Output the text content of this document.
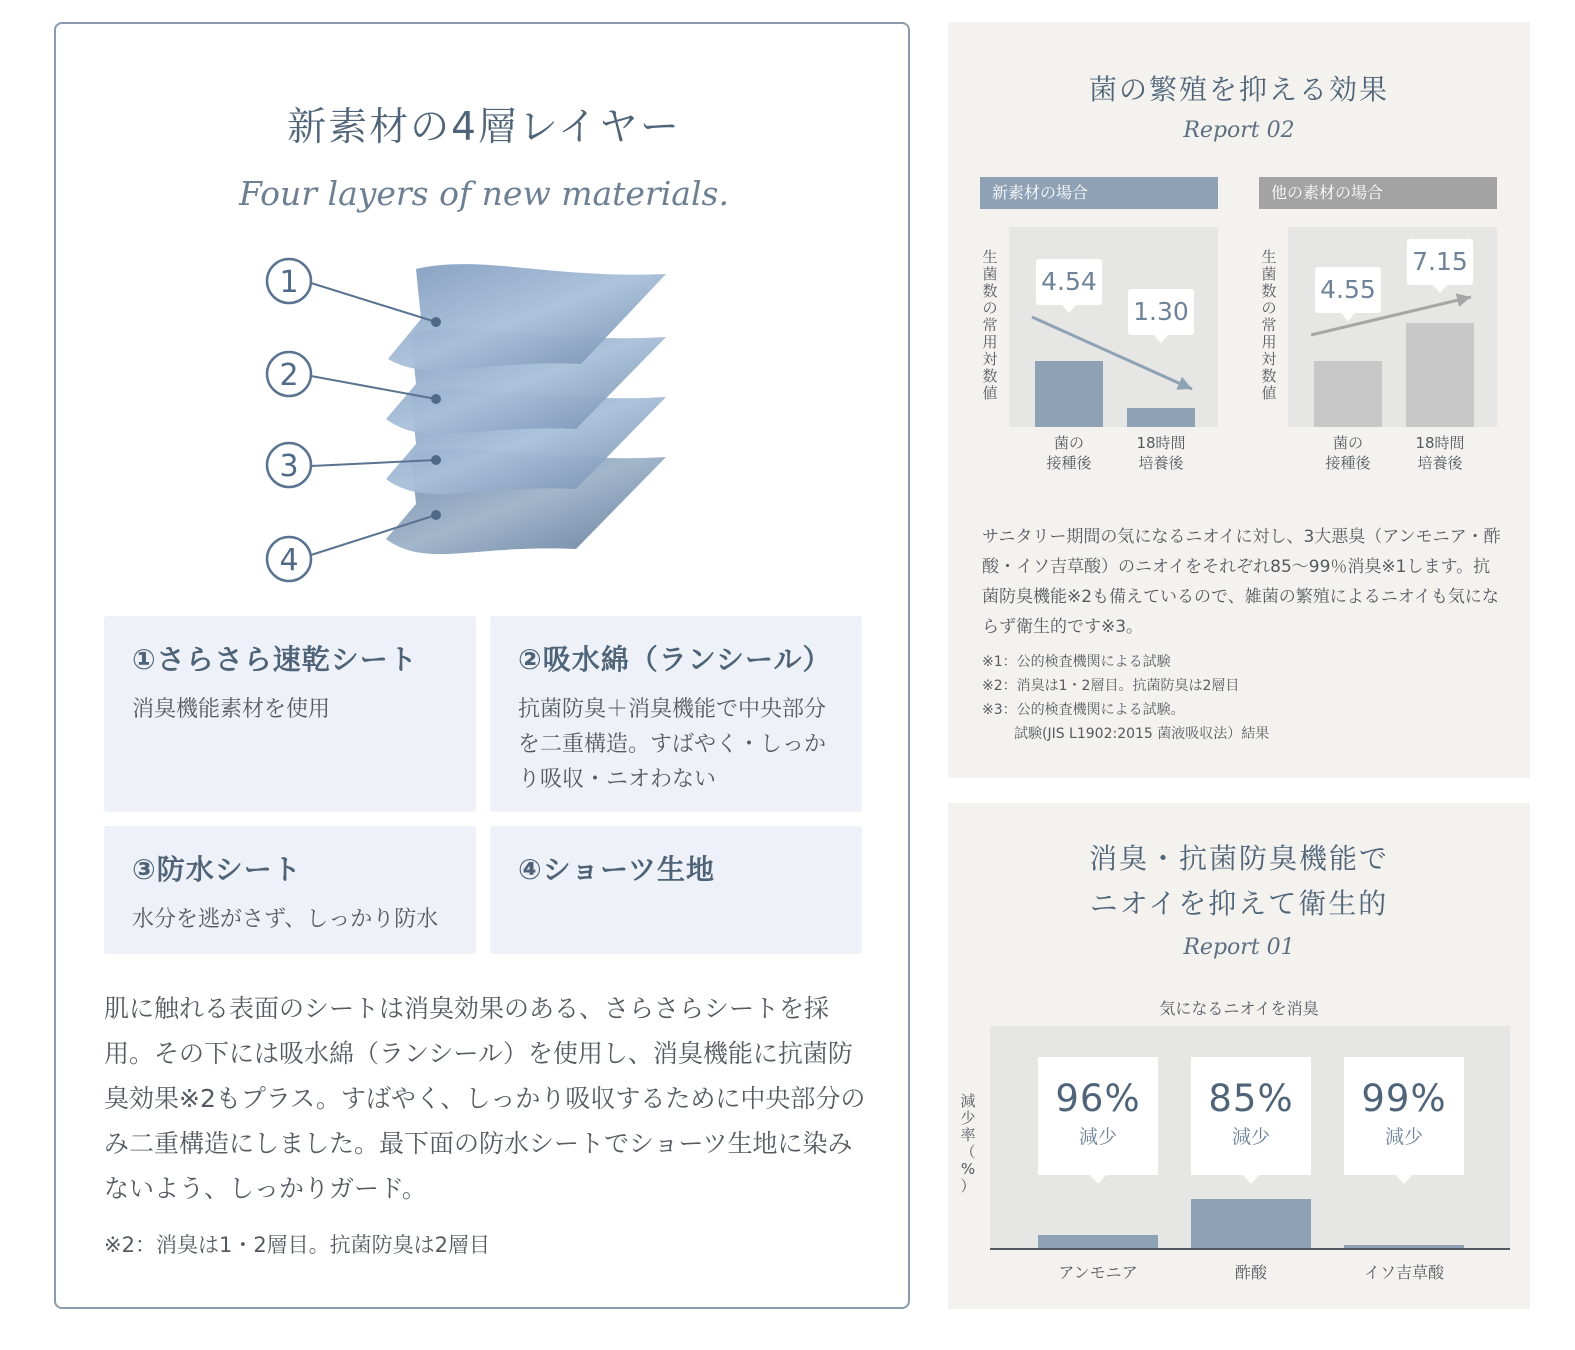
新素材の4層レイヤー
Four layers of new materials.
1
2
3
4
①さらさら速乾シート

消臭機能素材を使用

②吸水綿（ランシール）

抗菌防臭＋消臭機能で中央部分を二重構造。すばやく・しっかり吸収・ニオわない

③防水シート

水分を逃がさず、しっかり防水

④ショーツ生地

肌に触れる表面のシートは消臭効果のある、さらさらシートを採用。その下には吸水綿（ランシール）を使用し、消臭機能に抗菌防臭効果※2もプラス。すばやく、しっかり吸収するために中央部分のみ二重構造にしました。最下面の防水シートでショーツ生地に染みないよう、しっかりガード。

※2：消臭は1・2層目。抗菌防臭は2層目
菌の繁殖を抑える効果
Report 02
新素材の場合
生
菌
数
の
常
用
対
数
値
菌の
接種後
18時間
培養後
4.54
1.30
他の素材の場合
生
菌
数
の
常
用
対
数
値
菌の
接種後
18時間
培養後
4.55
7.15

サニタリー期間の気になるニオイに対し、3大悪臭（アンモニア・酢酸・イソ吉草酸）のニオイをそれぞれ85〜99％消臭※1します。抗菌防臭機能※2も備えているので、雑菌の繁殖によるニオイも気にならず衛生的です※3。

※1：公的検査機関による試験
※2：消臭は1・2層目。抗菌防臭は2層目
※3：公的検査機関による試験。
試験(JIS L1902:2015 菌液吸収法）結果
消臭・抗菌防臭機能で
ニオイを抑えて衛生的
Report 01
気になるニオイを消臭
減
少
率
（
%
）
96%
減少
アンモニア
85%
減少
酢酸
99%
減少
イソ吉草酸
